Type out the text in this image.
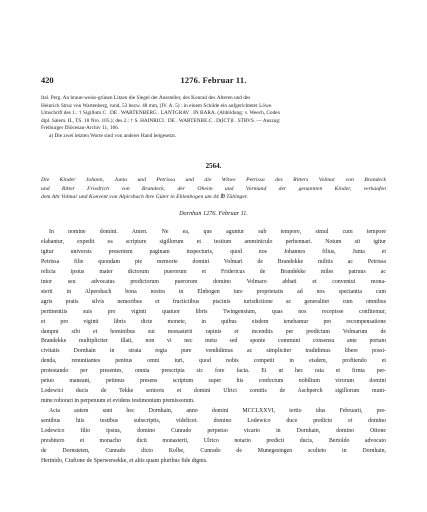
420	1276. Februar 11.
Ital. Perg. An braun-weiss-grünen Litzen die Siegel der Aussteller, des Konrad des Älteren und des
Heinrich Struz von Wartenberg, rund, 53 bezw. 48 mm, (IV. A. 5) : in einem Schilde ein aufgerichteter Löwe.
Umschrift des 1.: † Sigillum C . DE . WARTENBERG . LANTGRAV . IN BARA. (Abbildung: v. Weech, Codex
dipl. Salem. II., TS. 18 Nro. 105.); des 2.: † S. HAINRICI . DE . WARTENBE.C . D(ICT)I . STRVS. — Auszug:
Freiburger Diöcesan-Archiv 11, 166.
a) Die zwei letzten Worte sind von anderer Hand beigesetzt.
2564.
Die Kinder Johann, Junta und Petrissa und die Witwe Petrissa des Ritters Volmar von Brandeck
und Ritter Friedrich von Brandeck, der Oheim und Vormund der genannten Kinder, verkaufen
dem Abt Volmar und Konvent von Alpirsbach ihre Güter in Ehlenbogen um 44 ℔ Tübinger.
Dornhan 1276. Februar 11.
In nomine domini. Amen. Ne ea, que aguntur sub tempore, simul cum tempore
elabantur, expedit ea scripture sigillorum et testium amminiculo perhennari. Notum sit igitur
igitur universis presentem paginam inspecturis, quod nos Johannes filius, Junta et
Petrissa filie quondam pie memorie domini Volmari de Brandekke militis ac Petrissa
relicta ipsius mater dictorum puerorum et Fridericus de Brandekke miles patruus ac
tutor seu advocatus predictorum puerorum domino Volmaro abbati et conventui mona-
sterii in Alpersbach bona nostra in Elnbogen iure proprietatis ad nos spectantia cum
agris pratis silvis nemoribus et fructiciibus piscinis iurisdictione ac generaliter cum omnibus
pertinentiis suis pro viginti quatuor libris Twingensium, quas nos recepisse confitemur,
et pro viginti libris dicte monete, in quibus eisdem tenebamur pro recompensatione
dampni sibi et hominibus sui monasterii rapinis et incendiis per predictum Volmarum de
Brandekke multipliciter illati, non vi nec metu sed sponte communi consensu ante portam
civitatis Dornhain in strata regia pure vendidimus ac simpliciter tradidimus libere possi-
denda, renuntiantes penitus omni iuri, quod nobis competit in eisdem, profitendo et
protestando per presentes, omnia prescripta sic fore facta. Et ut hec rata et firma per-
petuo maneant, petimus presens scriptum super his confectum nobilium virorum domini
Lodewici ducis de Tekke senioris et domini Ulrici comitis de Aschperch sigillorum muni-
mine roborari in perpetuum et evidens testimonium premissorum.
Acta autem sunt hec Dornhain, anno domini MCCLXXVI, tertio idus Februarii, pre-
sentibus hiis testibus subscriptis, videlicet: domino Lodewico duce predicto et domino
Lodewico filio ipsius, domino Cunrado perpetuo vicario in Dornhain, domino Ottone
presbitero et monacho dicti monasterii, Ulrico notario predicti ducis, Bertoldo advocato
de Dornsteten, Cunrado dicto Kolbe, Cunrado de Munegesingen sculteto in Dornhain,
Hertnido, Craftone de Sperwersekke, et aliis quam pluribus fide dignis.
